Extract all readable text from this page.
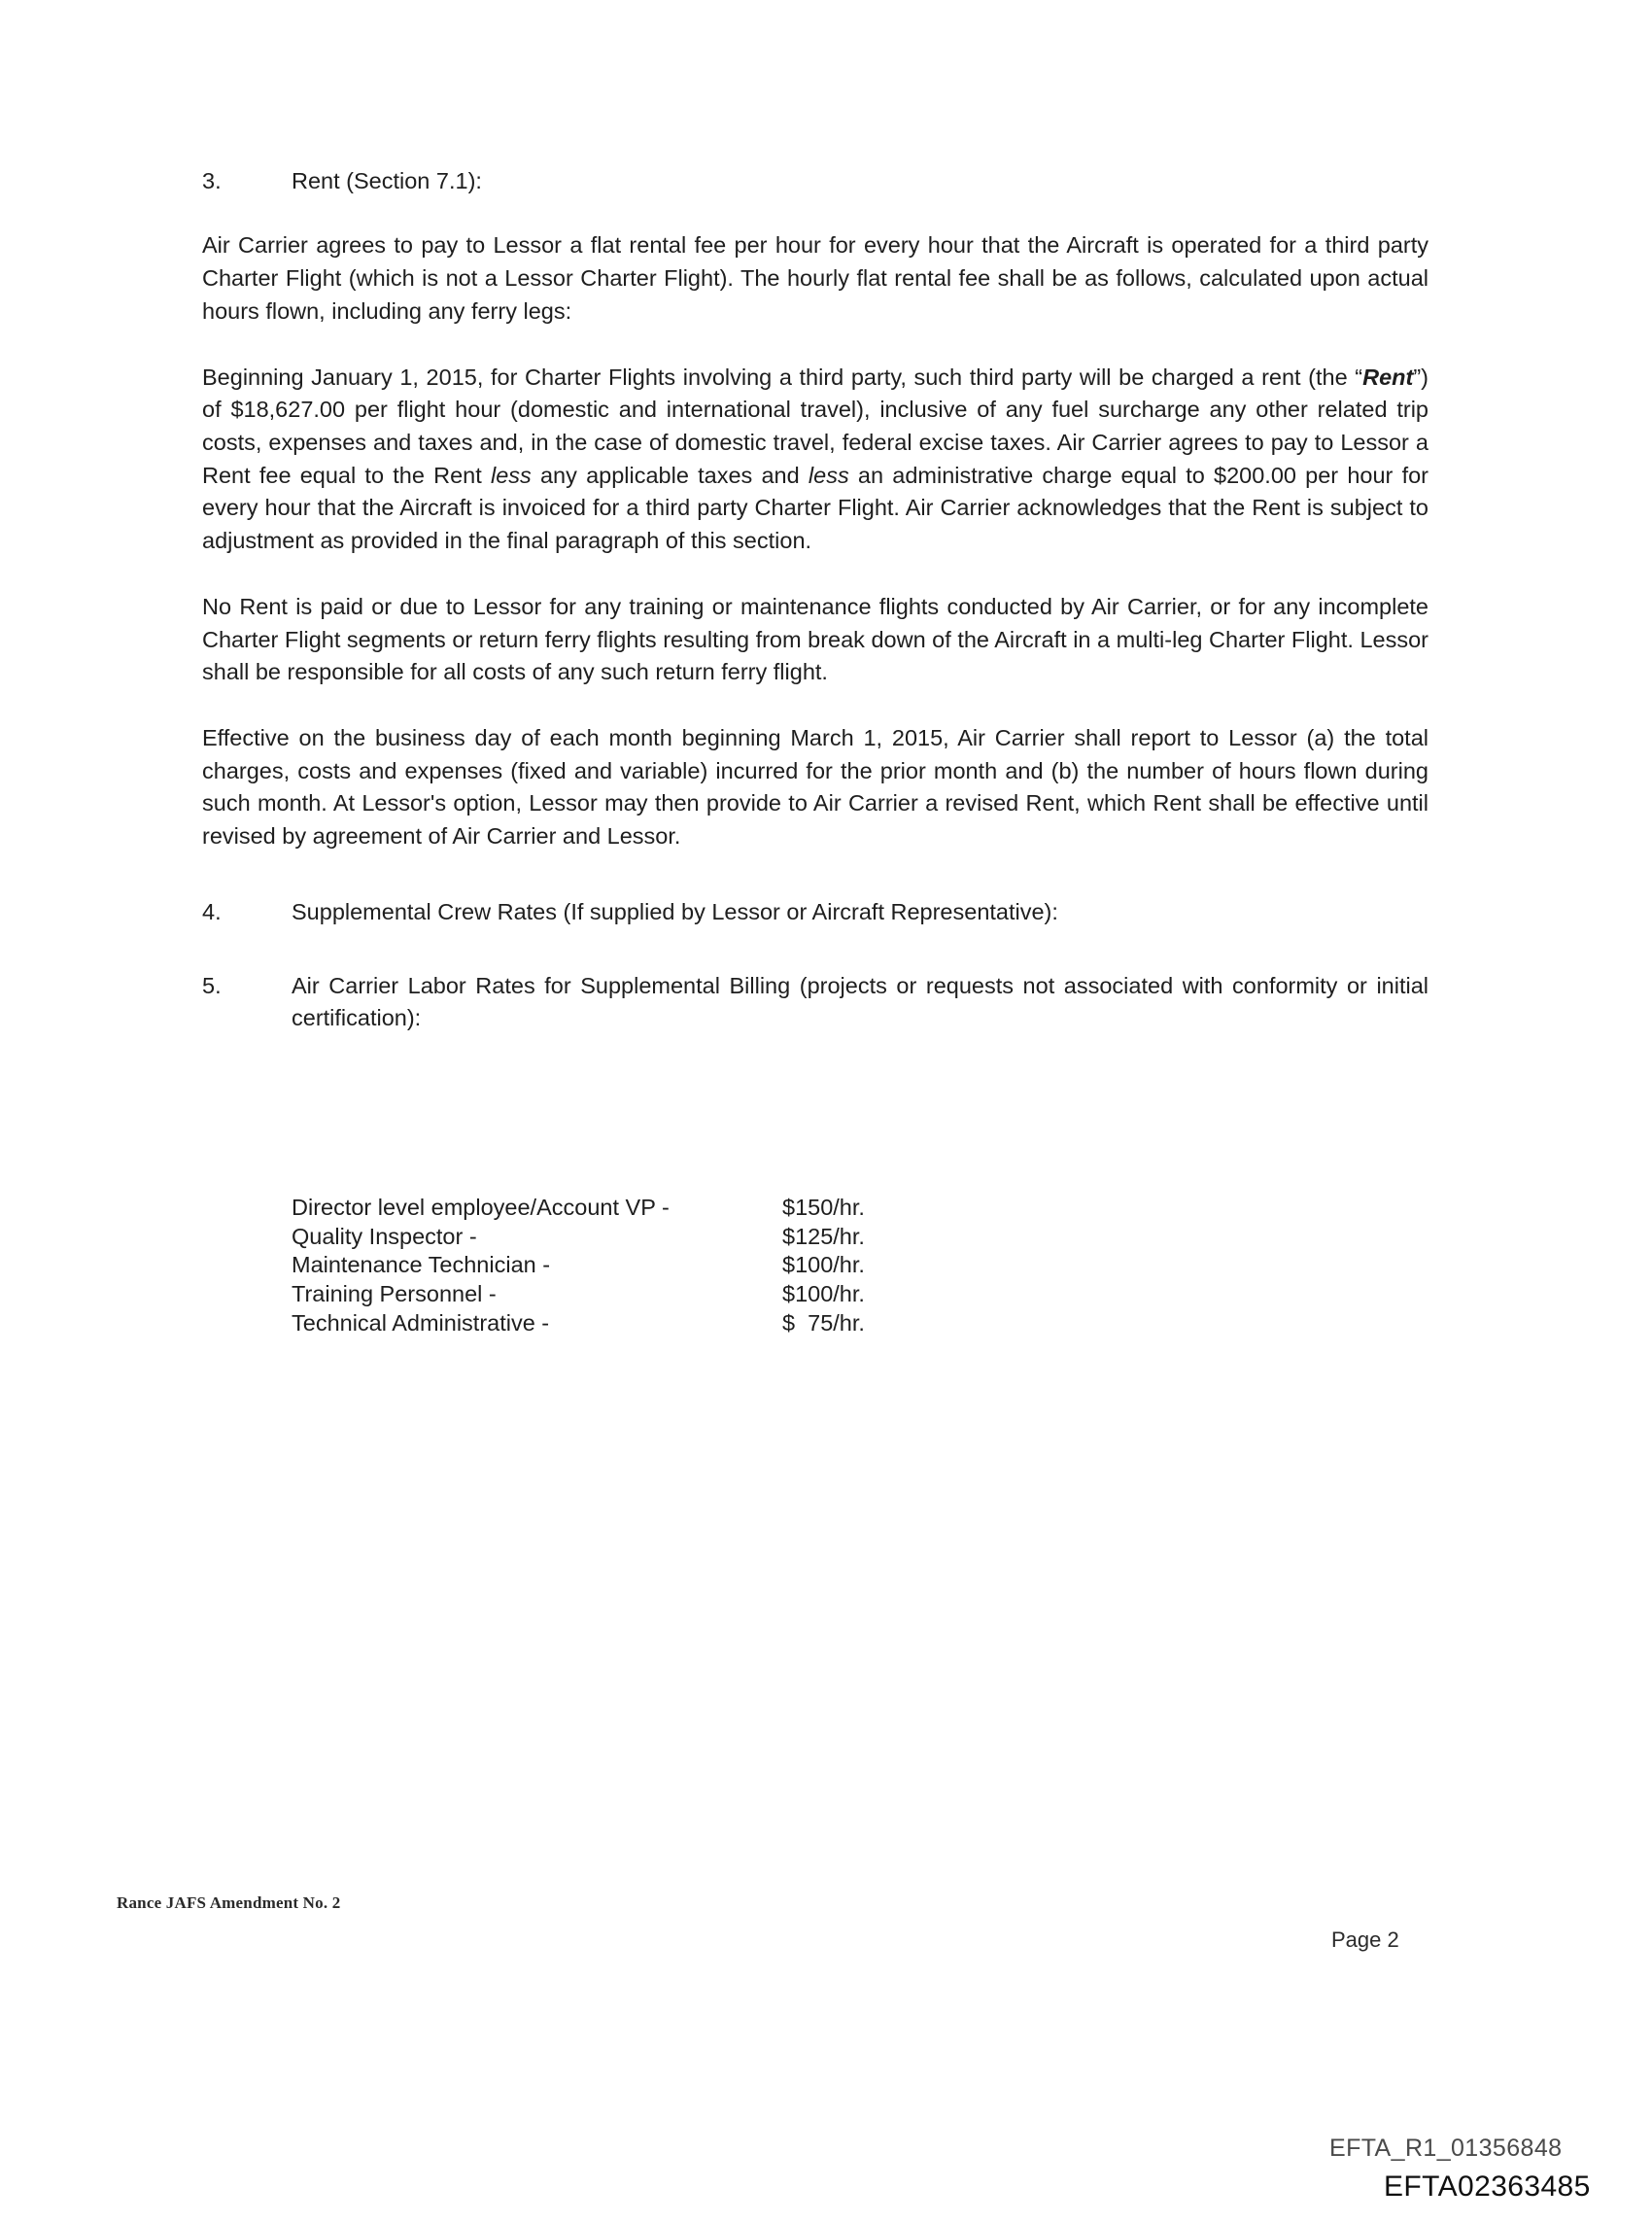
3.	Rent (Section 7.1):

Air Carrier agrees to pay to Lessor a flat rental fee per hour for every hour that the Aircraft is operated for a third party Charter Flight (which is not a Lessor Charter Flight). The hourly flat rental fee shall be as follows, calculated upon actual hours flown, including any ferry legs:

Beginning January 1, 2015, for Charter Flights involving a third party, such third party will be charged a rent (the “Rent”) of $18,627.00 per flight hour (domestic and international travel), inclusive of any fuel surcharge any other related trip costs, expenses and taxes and, in the case of domestic travel, federal excise taxes. Air Carrier agrees to pay to Lessor a Rent fee equal to the Rent less any applicable taxes and less an administrative charge equal to $200.00 per hour for every hour that the Aircraft is invoiced for a third party Charter Flight. Air Carrier acknowledges that the Rent is subject to adjustment as provided in the final paragraph of this section.

No Rent is paid or due to Lessor for any training or maintenance flights conducted by Air Carrier, or for any incomplete Charter Flight segments or return ferry flights resulting from break down of the Aircraft in a multi-leg Charter Flight. Lessor shall be responsible for all costs of any such return ferry flight.

Effective on the business day of each month beginning March 1, 2015, Air Carrier shall report to Lessor (a) the total charges, costs and expenses (fixed and variable) incurred for the prior month and (b) the number of hours flown during such month. At Lessor's option, Lessor may then provide to Air Carrier a revised Rent, which Rent shall be effective until revised by agreement of Air Carrier and Lessor.

4.	Supplemental Crew Rates (If supplied by Lessor or Aircraft Representative):
5.	Air Carrier Labor Rates for Supplemental Billing (projects or requests not associated with conformity or initial certification):
Director level employee/Account VP -	$150/hr.
Quality Inspector -	$125/hr.
Maintenance Technician -	$100/hr.
Training Personnel -	$100/hr.
Technical Administrative -	$  75/hr.
Rance JAFS Amendment No. 2
Page 2
EFTA_R1_01356848
EFTA02363485
